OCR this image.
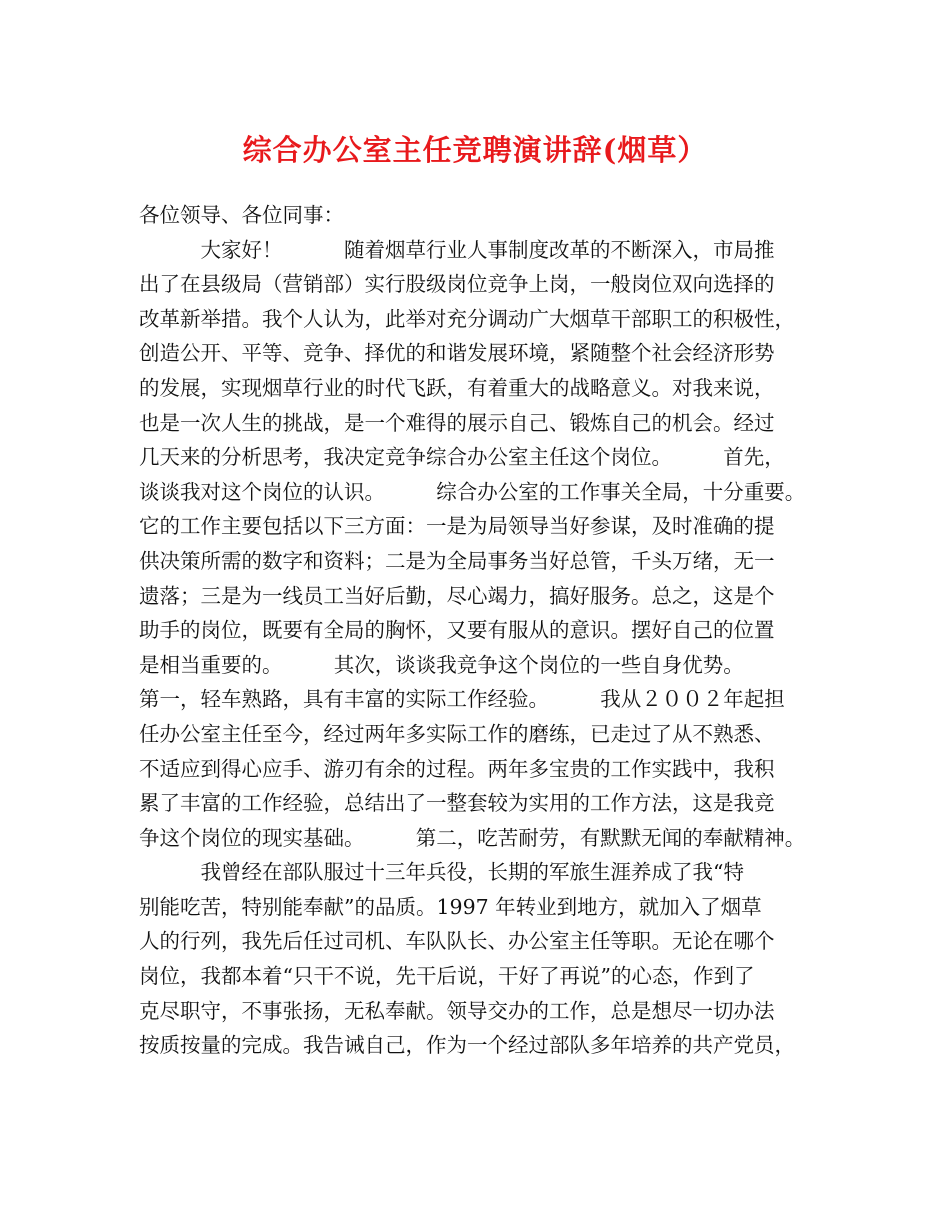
综合办公室主任竞聘演讲辞(烟草）
各位领导、各位同事：
　　　大家好！　　　随着烟草行业人事制度改革的不断深入，市局推
出了在县级局（营销部）实行股级岗位竞争上岗，一般岗位双向选择的
改革新举措。我个人认为，此举对充分调动广大烟草干部职工的积极性，
创造公开、平等、竞争、择优的和谐发展环境，紧随整个社会经济形势
的发展，实现烟草行业的时代飞跃，有着重大的战略意义。对我来说，
也是一次人生的挑战，是一个难得的展示自己、锻炼自己的机会。经过
几天来的分析思考，我决定竞争综合办公室主任这个岗位。　　　首先，
谈谈我对这个岗位的认识。　　　综合办公室的工作事关全局，十分重要。
它的工作主要包括以下三方面：一是为局领导当好参谋，及时准确的提
供决策所需的数字和资料；二是为全局事务当好总管，千头万绪，无一
遗落；三是为一线员工当好后勤，尽心竭力，搞好服务。总之，这是个
助手的岗位，既要有全局的胸怀，又要有服从的意识。摆好自己的位置
是相当重要的。　　　其次，谈谈我竞争这个岗位的一些自身优势。
第一，轻车熟路，具有丰富的实际工作经验。　　　我从２００２年起担
任办公室主任至今，经过两年多实际工作的磨练，已走过了从不熟悉、
不适应到得心应手、游刃有余的过程。两年多宝贵的工作实践中，我积
累了丰富的工作经验，总结出了一整套较为实用的工作方法，这是我竞
争这个岗位的现实基础。　　　第二，吃苦耐劳，有默默无闻的奉献精神。
　　　我曾经在部队服过十三年兵役，长期的军旅生涯养成了我“特
别能吃苦，特别能奉献”的品质。1997 年转业到地方，就加入了烟草
人的行列，我先后任过司机、车队队长、办公室主任等职。无论在哪个
岗位，我都本着“只干不说，先干后说，干好了再说”的心态，作到了
克尽职守，不事张扬，无私奉献。领导交办的工作，总是想尽一切办法
按质按量的完成。我告诫自己，作为一个经过部队多年培养的共产党员，
